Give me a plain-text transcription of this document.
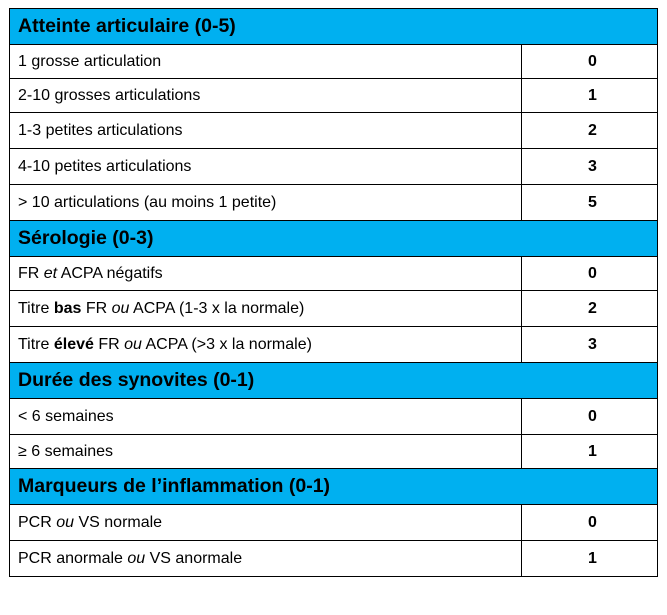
Atteinte articulaire (0-5)	
1 grosse articulation	0
2-10 grosses articulations	1
1-3 petites articulations	2
4-10 petites articulations	3
> 10 articulations (au moins 1 petite)	5
Sérologie (0-3)	
FR et ACPA négatifs	0
Titre bas FR ou ACPA (1-3 x la normale)	2
Titre élevé FR ou ACPA (>3 x la normale)	3
Durée des synovites (0-1)	
< 6 semaines	0
≥ 6 semaines	1
Marqueurs de l’inflammation (0-1)	
PCR ou VS normale	0
PCR anormale ou VS anormale	1
